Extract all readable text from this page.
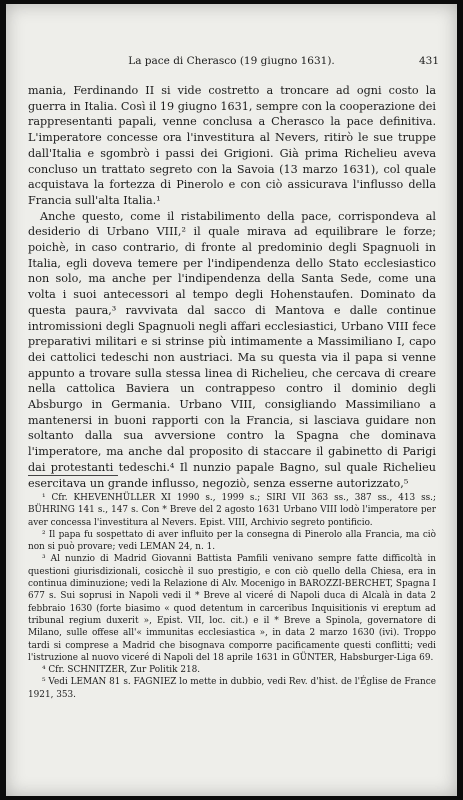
La pace di Cherasco (19 giugno 1631).	431

mania, Ferdinando II si vide costretto a troncare ad ogni costo la guerra in Italia. Così il 19 giugno 1631, sempre con la cooperazione dei rappresentanti papali, venne conclusa a Cherasco la pace definitiva. L'imperatore concesse ora l'investitura al Nevers, ritirò le sue truppe dall'Italia e sgombrò i passi dei Grigioni. Già prima Richelieu aveva concluso un trattato segreto con la Savoia (13 marzo 1631), col quale acquistava la fortezza di Pinerolo e con ciò assicurava l'influsso della Francia sull'alta Italia.¹

Anche questo, come il ristabilimento della pace, corrispondeva al desiderio di Urbano VIII,² il quale mirava ad equilibrare le forze; poichè, in caso contrario, di fronte al predominio degli Spagnuoli in Italia, egli doveva temere per l'indipendenza dello Stato ecclesiastico non solo, ma anche per l'indipendenza della Santa Sede, come una volta i suoi antecessori al tempo degli Hohenstaufen. Dominato da questa paura,³ ravvivata dal sacco di Mantova e dalle continue intromissioni degli Spagnuoli negli affari ecclesiastici, Urbano VIII fece preparativi militari e si strinse più intimamente a Massimiliano I, capo dei cattolici tedeschi non austriaci. Ma su questa via il papa si venne appunto a trovare sulla stessa linea di Richelieu, che cercava di creare nella cattolica Baviera un contrappeso contro il dominio degli Absburgo in Germania. Urbano VIII, consigliando Massimiliano a mantenersi in buoni rapporti con la Francia, si lasciava guidare non soltanto dalla sua avversione contro la Spagna che dominava l'imperatore, ma anche dal proposito di staccare il gabinetto di Parigi dai protestanti tedeschi.⁴ Il nunzio papale Bagno, sul quale Richelieu esercitava un grande influsso, negoziò, senza esserne autorizzato,⁵

¹ Cfr. KHEVENHÜLLER XI 1990 s., 1999 s.; SIRI VII 363 ss., 387 ss., 413 ss.; BÜHRING 141 s., 147 s. Con * Breve del 2 agosto 1631 Urbano VIII lodò l'imperatore per aver concessa l'investitura al Nevers. Epist. VIII, Archivio segreto pontificio.

² Il papa fu sospettato di aver influito per la consegna di Pinerolo alla Francia, ma ciò non si può provare; vedi LEMAN 24, n. 1.

³ Al nunzio di Madrid Giovanni Battista Pamfili venivano sempre fatte difficoltà in questioni giurisdizionali, cosicchè il suo prestigio, e con ciò quello della Chiesa, era in continua diminuzione; vedi la Relazione di Alv. Mocenigo in BAROZZI-BERCHET, Spagna I 677 s. Sui soprusi in Napoli vedi il * Breve al viceré di Napoli duca di Alcalà in data 2 febbraio 1630 (forte biasimo « quod detentum in carceribus Inquisitionis vi ereptum ad tribunal regium duxerit », Epist. VII, loc. cit.) e il * Breve a Spinola, governatore di Milano, sulle offese all'« immunitas ecclesiastica », in data 2 marzo 1630 (ivi). Troppo tardi si comprese a Madrid che bisognava comporre pacificamente questi conflitti; vedi l'istruzione al nuovo viceré di Napoli del 18 aprile 1631 in GÜNTER, Habsburger-Liga 69.

⁴ Cfr. SCHNITZER, Zur Politik 218.

⁵ Vedi LEMAN 81 s. FAGNIEZ lo mette in dubbio, vedi Rev. d'hist. de l'Église de France 1921, 353.
